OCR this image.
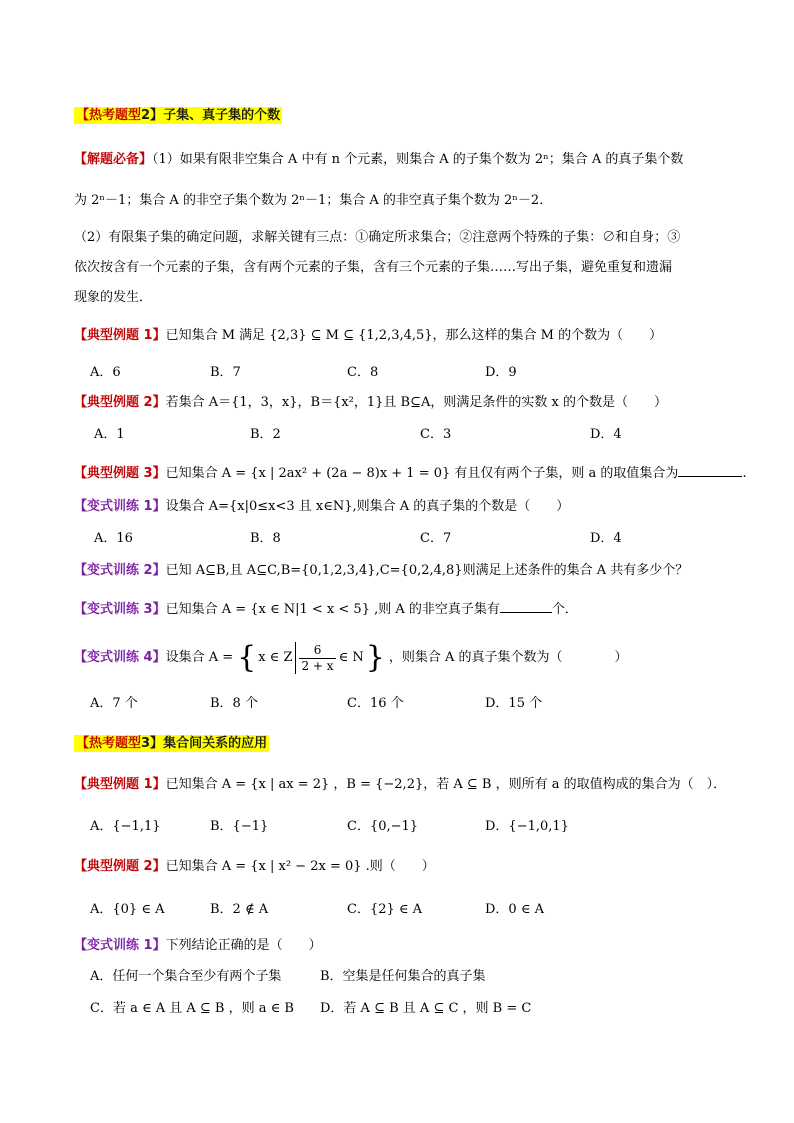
【热考题型2】子集、真子集的个数
【解题必备】（1）如果有限非空集合 A 中有 n 个元素，则集合 A 的子集个数为 2ⁿ；集合 A 的真子集个数
为 2ⁿ－1；集合 A 的非空子集个数为 2ⁿ－1；集合 A 的非空真子集个数为 2ⁿ－2．
（2）有限集子集的确定问题，求解关键有三点：①确定所求集合；②注意两个特殊的子集：∅和自身；③
依次按含有一个元素的子集，含有两个元素的子集，含有三个元素的子集……写出子集，避免重复和遗漏
现象的发生．
【典型例题 1】已知集合 M 满足 {2,3} ⊆ M ⊆ {1,2,3,4,5}，那么这样的集合 M 的个数为（　　）
A．6	B．7	C．8	D．9
【典型例题 2】若集合 A＝{1，3，x}，B＝{x²，1}且 B⊆A，则满足条件的实数 x 的个数是（　　）
A．1	B．2	C．3	D．4
【典型例题 3】已知集合 A = {x | 2ax² + (2a − 8)x + 1 = 0} 有且仅有两个子集，则 a 的取值集合为	.
【变式训练 1】设集合 A={x|0≤x<3 且 x∈N},则集合 A 的真子集的个数是（　　）
A．16	B．8	C．7	D．4
【变式训练 2】已知 A⊆B,且 A⊆C,B={0,1,2,3,4},C={0,2,4,8}则满足上述条件的集合 A 共有多少个？
【变式训练 3】已知集合 A = {x ∈ N|1 < x < 5} ,则 A 的非空真子集有	个．
【变式训练 4】 设集合 A = { x ∈ Z $\frac{6}{2 + x}$ ∈ N } ，则集合 A 的真子集个数为（　　　　）
A．7 个	B．8 个	C．16 个	D．15 个
【热考题型3】集合间关系的应用
【典型例题 1】已知集合 A = {x | ax = 2} ，B = {−2,2}，若 A ⊆ B ，则所有 a 的取值构成的集合为（　）．
A．{−1,1}	B．{−1}	C．{0,−1}	D．{−1,0,1}
【典型例题 2】已知集合 A = {x | x² − 2x = 0} .则（　　）
A．{0} ∈ A	B．2 ∉ A	C．{2} ∈ A	D．0 ∈ A
【变式训练 1】下列结论正确的是（　　）
A．任何一个集合至少有两个子集	B．空集是任何集合的真子集
C．若 a ∈ A 且 A ⊆ B ，则 a ∈ B D．若 A ⊆ B 且 A ⊆ C ，则 B = C
